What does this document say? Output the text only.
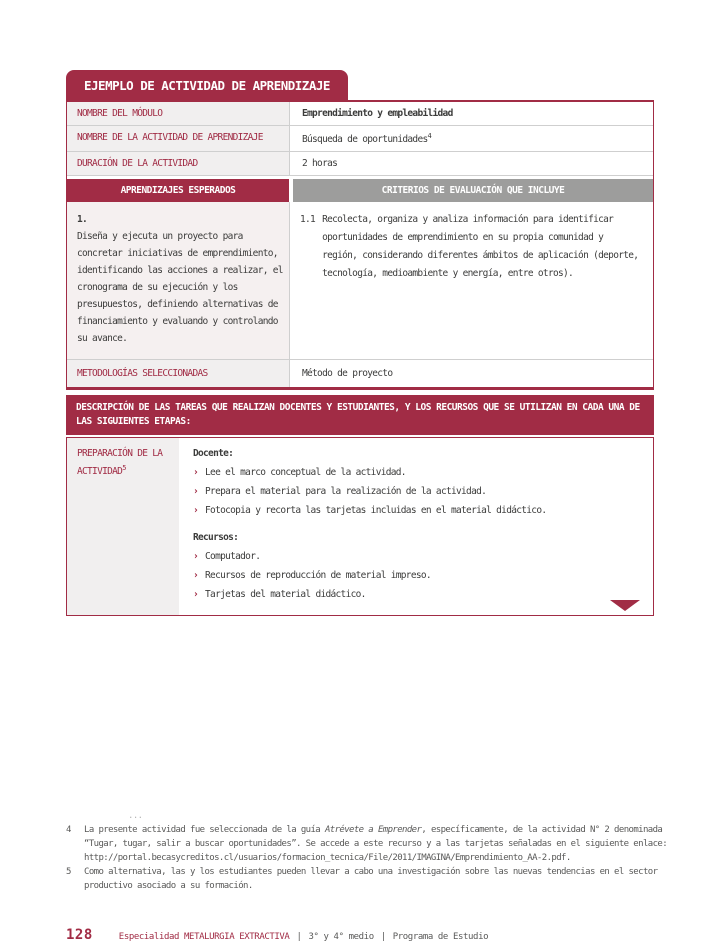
EJEMPLO DE ACTIVIDAD DE APRENDIZAJE
NOMBRE DEL MÓDULO	Emprendimiento y empleabilidad
NOMBRE DE LA ACTIVIDAD DE APRENDIZAJE	Búsqueda de oportunidades$^4$
DURACIÓN DE LA ACTIVIDAD	2 horas
APRENDIZAJES ESPERADOS	CRITERIOS DE EVALUACIÓN QUE INCLUYE
1.
Diseña y ejecuta un proyecto para concretar iniciativas de emprendimiento, identificando las acciones a realizar, el cronograma de su ejecución y los presupuestos, definiendo alternativas de financiamiento y evaluando y controlando su avance.
1.1 Recolecta, organiza y analiza información para identificar oportunidades de emprendimiento en su propia comunidad y región, considerando diferentes ámbitos de aplicación (deporte, tecnología, medioambiente y energía, entre otros).
METODOLOGÍAS SELECCIONADAS	Método de proyecto
DESCRIPCIÓN DE LAS TAREAS QUE REALIZAN DOCENTES Y ESTUDIANTES, Y LOS RECURSOS QUE SE UTILIZAN EN CADA UNA DE LAS SIGUIENTES ETAPAS:
PREPARACIÓN DE LA ACTIVIDAD$^5$
Docente:
› Lee el marco conceptual de la actividad.
› Prepara el material para la realización de la actividad.
› Fotocopia y recorta las tarjetas incluidas en el material didáctico.
Recursos:
› Computador.
› Recursos de reproducción de material impreso.
› Tarjetas del material didáctico.
...
4	La presente actividad fue seleccionada de la guía Atrévete a Emprender, específicamente, de la actividad N° 2 denominada “Tugar, tugar, salir a buscar oportunidades”. Se accede a este recurso y a las tarjetas señaladas en el siguiente enlace: http://portal.becasycreditos.cl/usuarios/formacion_tecnica/File/2011/IMAGINA/Emprendimiento_AA-2.pdf.
5	Como alternativa, las y los estudiantes pueden llevar a cabo una investigación sobre las nuevas tendencias en el sector productivo asociado a su formación.
128	Especialidad METALURGIA EXTRACTIVA | 3° y 4° medio | Programa de Estudio
